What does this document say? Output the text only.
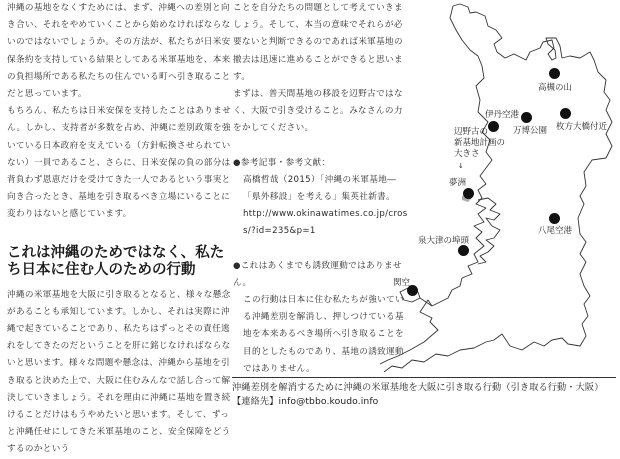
沖縄の基地をなくすためには、まず、沖縄への差別と向き合い、それをやめていくことから始めなければならないのではないでしょうか。その方法が、私たちが日米安保条約を支持している結果としてある米軍基地を、本来の負担場所である私たちの住んでいる町へ引き取ることだと思っています。

もちろん、私たちは日米安保を支持したことはありません。しかし、支持者が多数を占め、沖縄に差別政策を強いている日本政府を支えている（方針転換させられていない）一員であること、さらに、日米安保の負の部分は背負わず恩恵だけを受けてきた一人であるという事実と向き合ったとき、基地を引き取るべき立場にいることに変わりはないと感じています。

これは沖縄のためではなく、私たち日本に住む人のための行動

沖縄の米軍基地を大阪に引き取るとなると、様々な懸念があることも承知しています。しかし、それは実際に沖縄で起きていることであり、私たちはずっとその責任逃れをしてきたのだということを肝に銘じなければならないと思います。様々な問題や懸念は、沖縄から基地を引き取ると決めた上で、大阪に住むみんなで話し合って解決していきましょう。それを理由に沖縄に基地を置き続けることだけはもうやめたいと思います。そして、ずっと沖縄任せにしてきた米軍基地のこと、安全保障をどうするのかという

ことを自分たちの問題として考えていきましょう。そして、本当の意味でそれらが必要ないと判断できるのであれば米軍基地の撤去は迅速に進めることができると思います。

まずは、普天間基地の移設を辺野古ではなく、大阪で引き受けること。みなさんの力をかしてください。

●参考記事・参考文献：

高橋哲哉（2015）「沖縄の米軍基地―「県外移設」を考える」集英社新書。

http://www.okinawatimes.co.jp/cross/?id=235&p=1

●これはあくまでも誘致運動ではありません。

この行動は日本に住む私たちが強いている沖縄差別を解消し、押しつけている基地を本来あるべき場所へ引き取ることを目的としたものであり、基地の誘致運動ではありません。

高槻の山
伊丹空港
万博公園 枚方大橋付近
辺野古の
新基地計画の
大きさ
↓
夢洲
八尾空港
泉大津の埠頭
関空
沖縄差別を解消するために沖縄の米軍基地を大阪に引き取る行動（引き取る行動・大阪）
【連絡先】info@tbbo.koudo.info
